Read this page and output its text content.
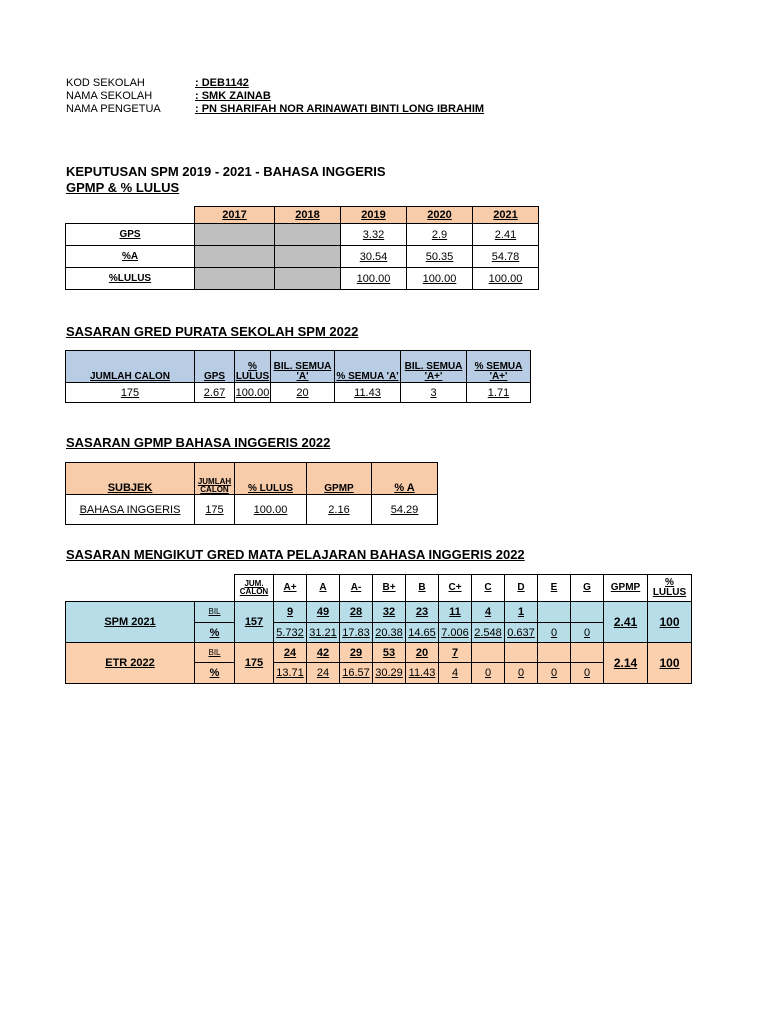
KOD SEKOLAH	: DEB1142
NAMA SEKOLAH	: SMK ZAINAB
NAMA PENGETUA	: PN SHARIFAH NOR ARINAWATI BINTI LONG IBRAHIM
KEPUTUSAN SPM 2019 - 2021 - BAHASA INGGERIS
GPMP & % LULUS
	2017	2018	2019	2020	2021
GPS			3.32	2.9	2.41
%A			30.54	50.35	54.78
%LULUS			100.00	100.00	100.00
SASARAN GRED PURATA SEKOLAH SPM 2022
JUMLAH CALON	GPS	% LULUS	BIL. SEMUA 'A'	% SEMUA 'A'	BIL. SEMUA 'A+'	% SEMUA 'A+'
175	2.67	100.00	20	11.43	3	1.71
SASARAN GPMP BAHASA INGGERIS 2022
SUBJEK	JUMLAH CALON	% LULUS	GPMP	% A
BAHASA INGGERIS	175	100.00	2.16	54.29
SASARAN MENGIKUT GRED MATA PELAJARAN BAHASA INGGERIS 2022
		JUM. CALON	A+	A	A-	B+	B	C+	C	D	E	G	GPMP	% LULUS
SPM 2021	BIL	157	9	49	28	32	23	11	4	1			2.41	100
	%		5.732	31.21	17.83	20.38	14.65	7.006	2.548	0.637	0	0		
ETR 2022	BIL	175	24	42	29	53	20	7					2.14	100
	%		13.71	24	16.57	30.29	11.43	4	0	0	0	0		
